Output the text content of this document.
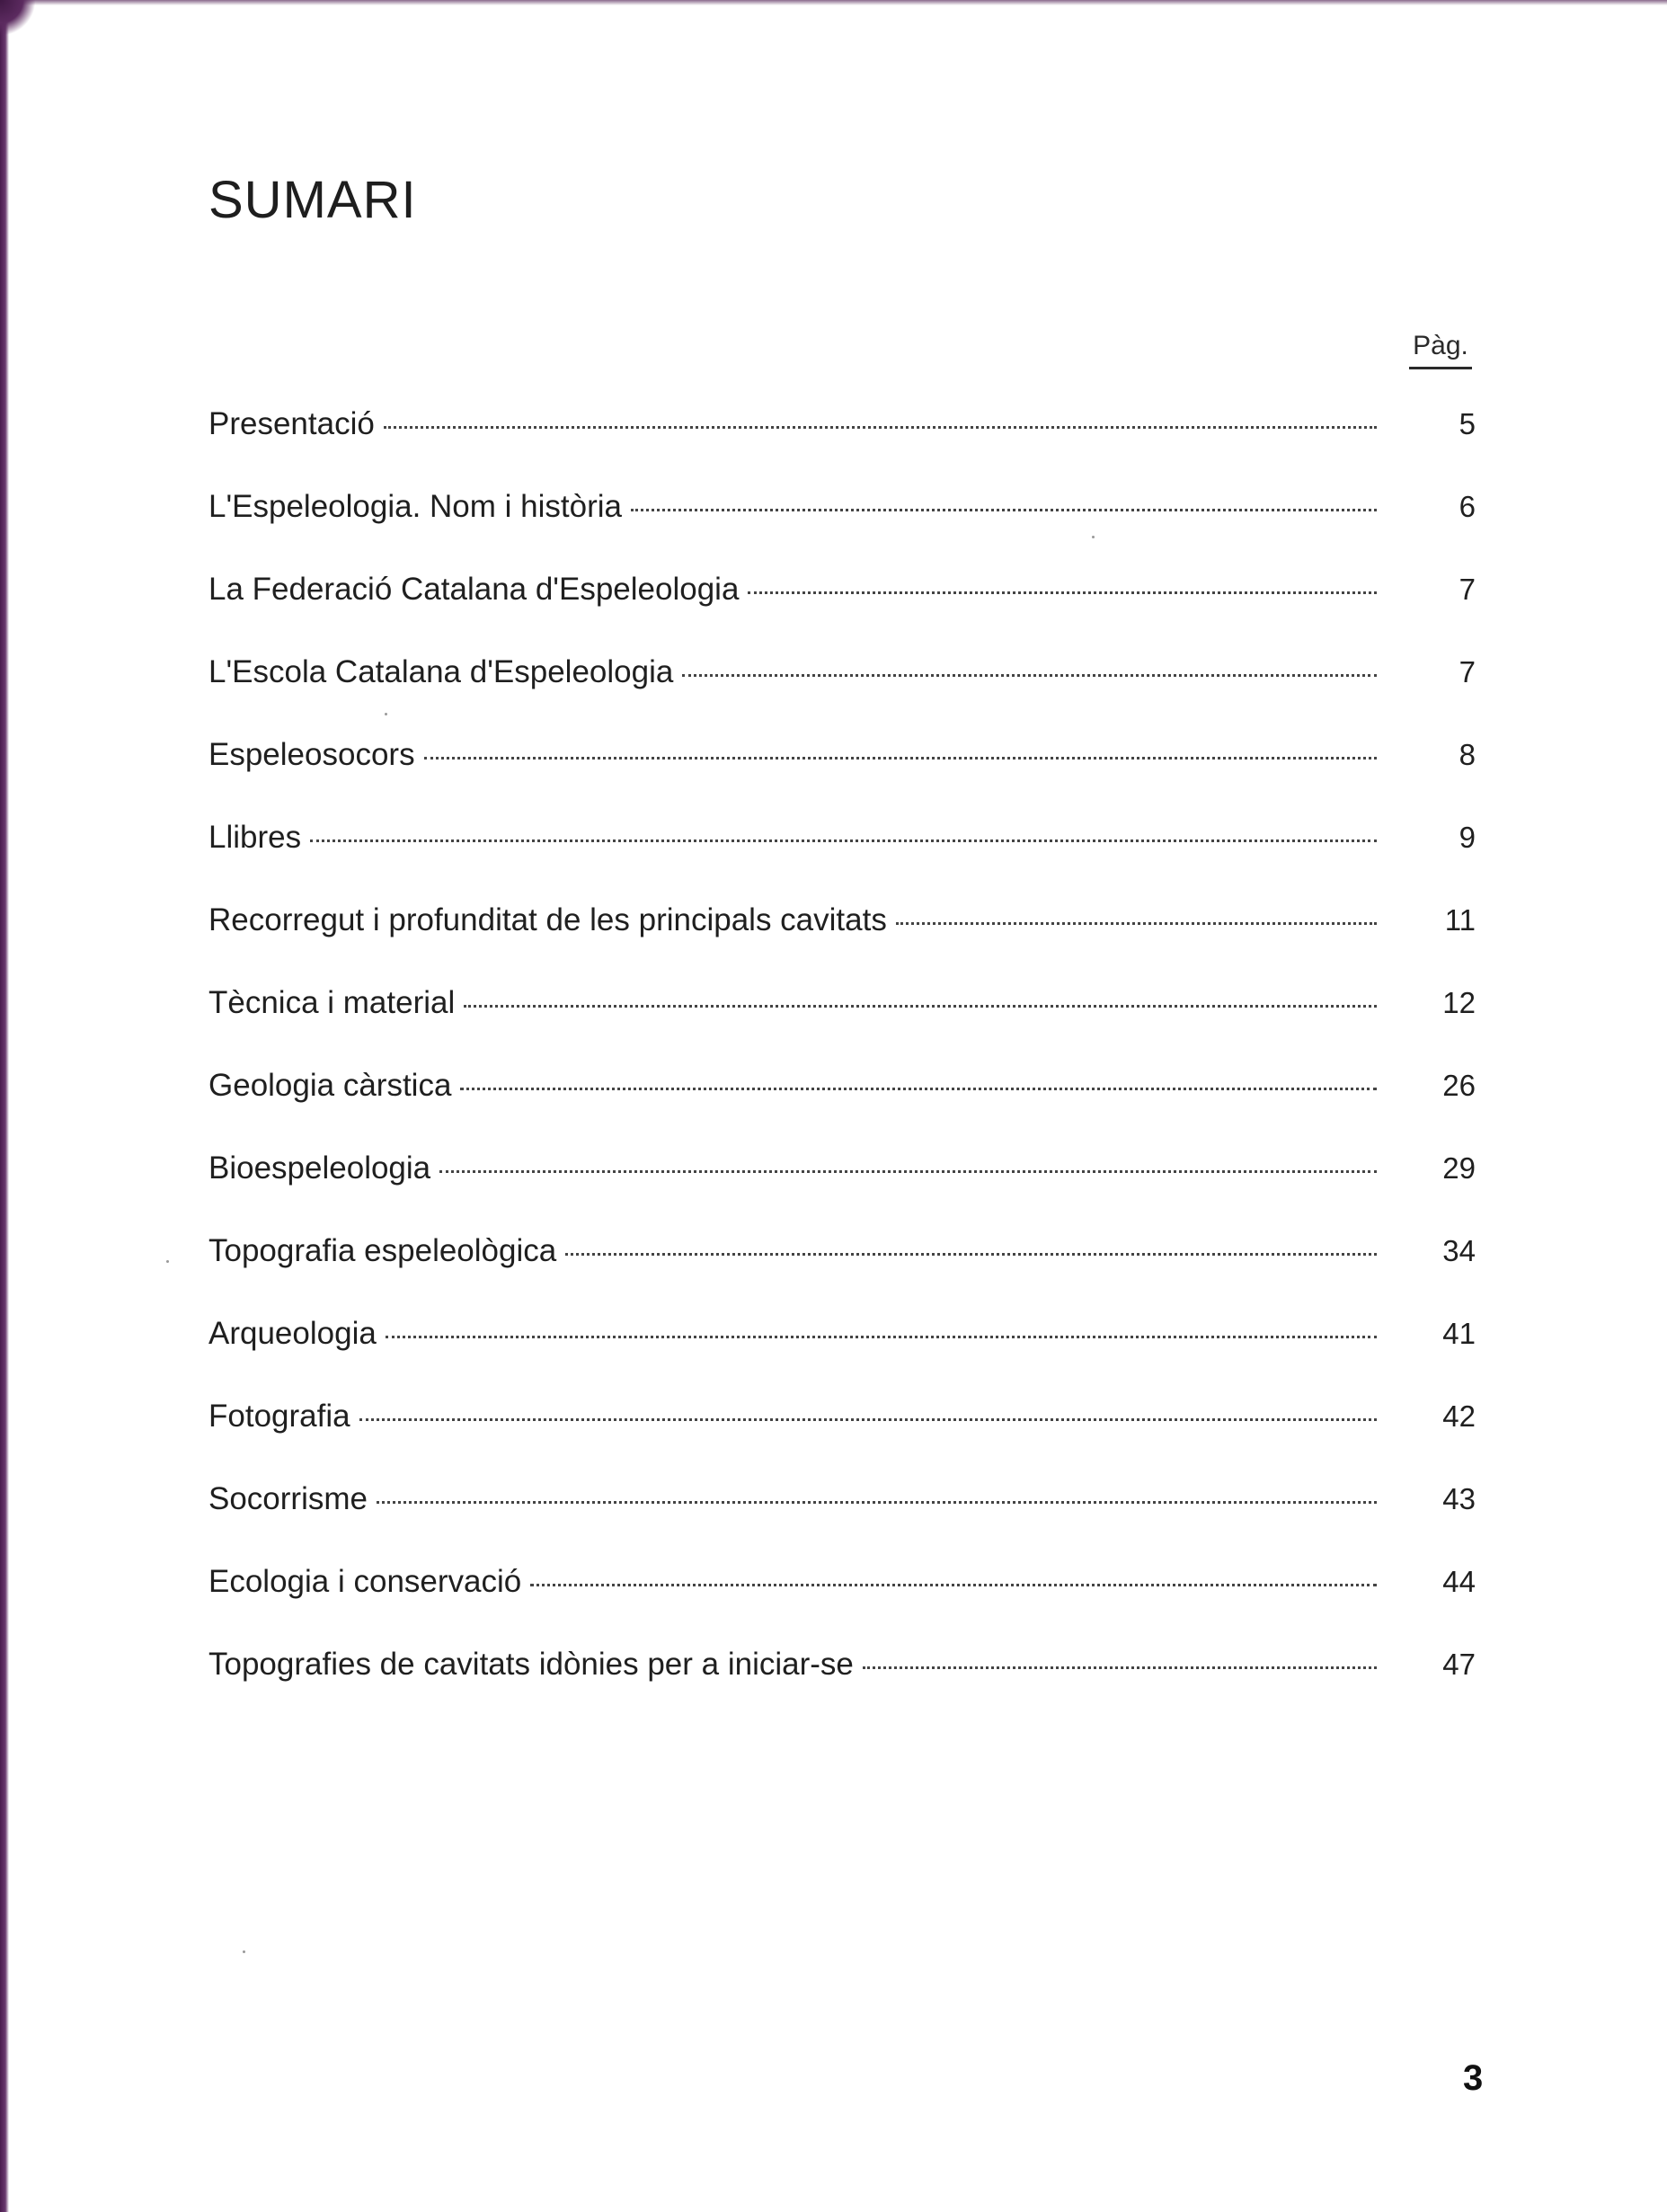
SUMARI
Pàg.
Presentació	5
L'Espeleologia. Nom i història	6
La Federació Catalana d'Espeleologia	7
L'Escola Catalana d'Espeleologia	7
Espeleosocors	8
Llibres	9
Recorregut i profunditat de les principals cavitats	11
Tècnica i material	12
Geologia càrstica	26
Bioespeleologia	29
Topografia espeleològica	34
Arqueologia	41
Fotografia	42
Socorrisme	43
Ecologia i conservació	44
Topografies de cavitats idònies per a iniciar-se	47
3
